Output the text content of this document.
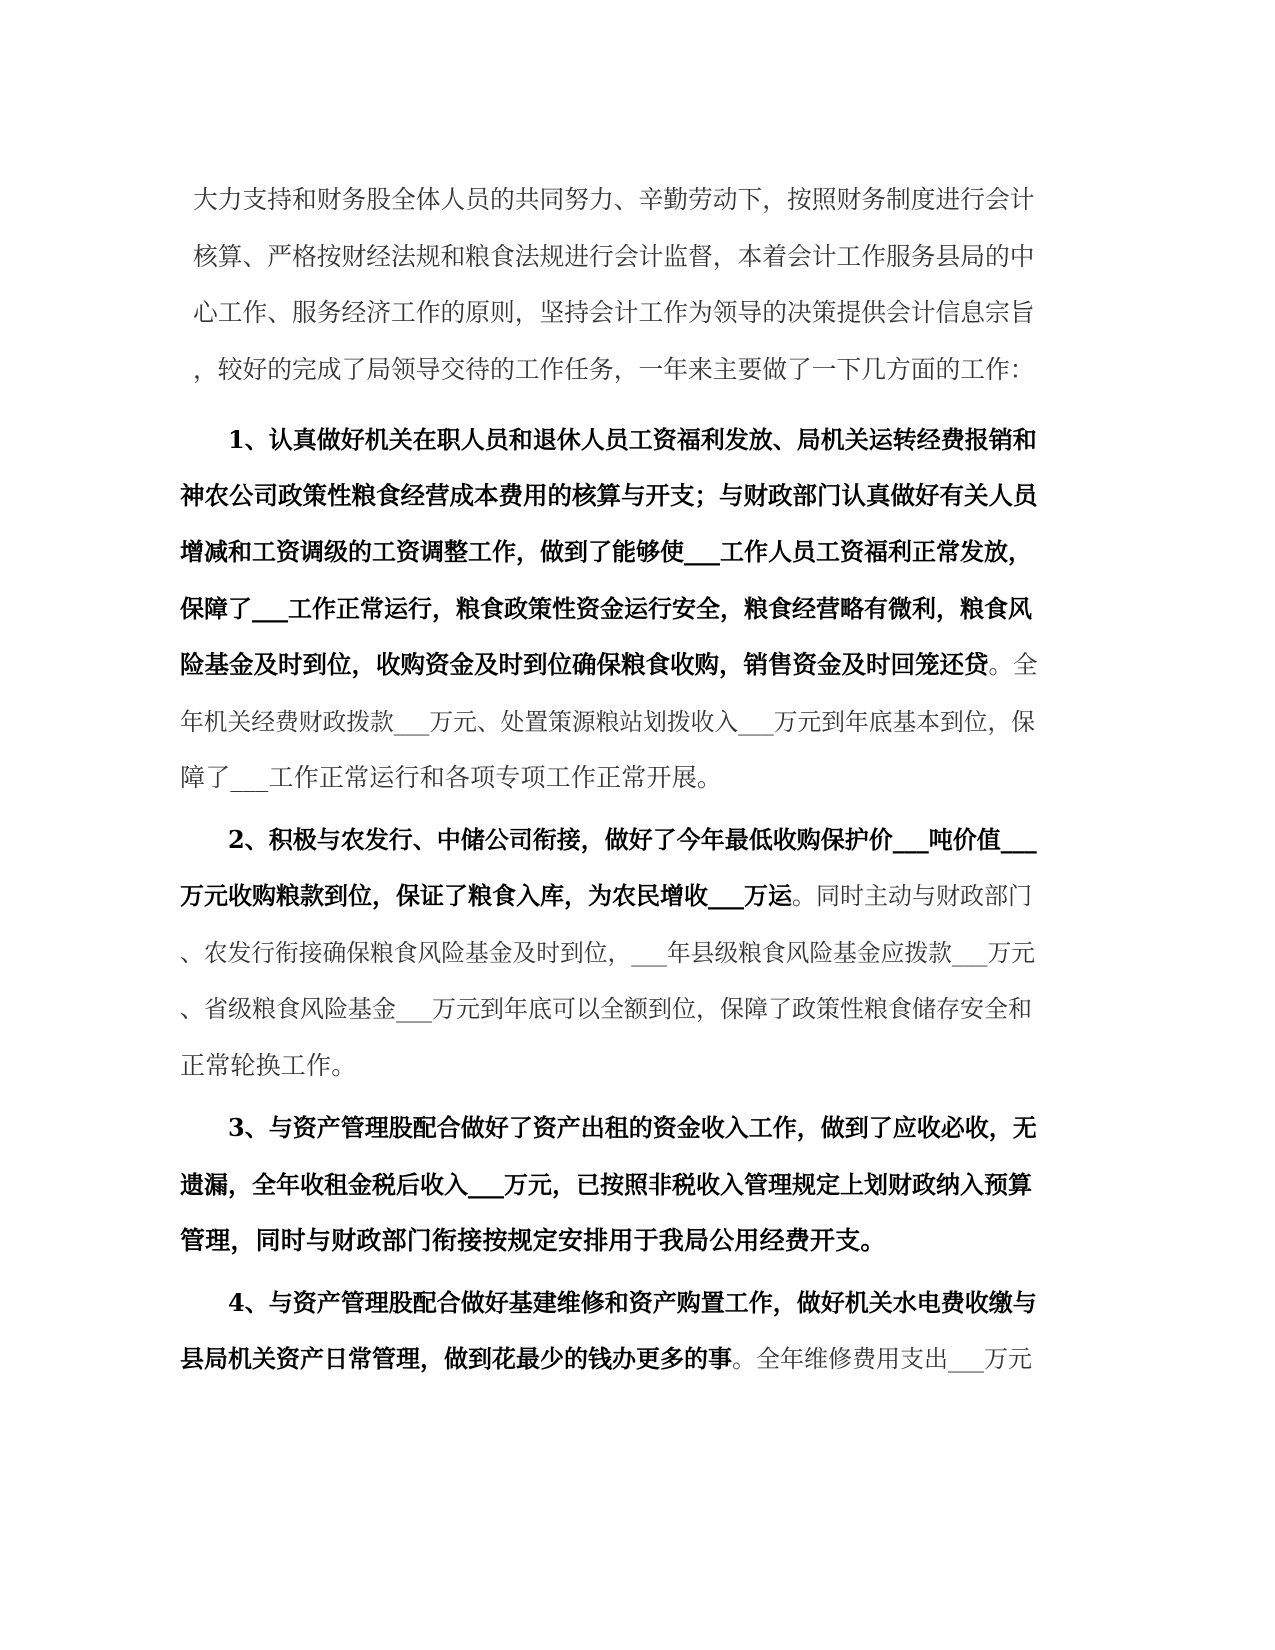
大力支持和财务股全体人员的共同努力、辛勤劳动下，按照财务制度进行会计
核算、严格按财经法规和粮食法规进行会计监督，本着会计工作服务县局的中
心工作、服务经济工作的原则，坚持会计工作为领导的决策提供会计信息宗旨
，较好的完成了局领导交待的工作任务，一年来主要做了一下几方面的工作：
1、认真做好机关在职人员和退休人员工资福利发放、局机关运转经费报销和
神农公司政策性粮食经营成本费用的核算与开支；与财政部门认真做好有关人员
增减和工资调级的工资调整工作，做到了能够使___工作人员工资福利正常发放，
保障了___工作正常运行，粮食政策性资金运行安全，粮食经营略有微利，粮食风
险基金及时到位，收购资金及时到位确保粮食收购，销售资金及时回笼还贷。全
年机关经费财政拨款___万元、处置策源粮站划拨收入___万元到年底基本到位，保
障了___工作正常运行和各项专项工作正常开展。
2、积极与农发行、中储公司衔接，做好了今年最低收购保护价___吨价值___
万元收购粮款到位，保证了粮食入库，为农民增收___万运。同时主动与财政部门
、农发行衔接确保粮食风险基金及时到位，___年县级粮食风险基金应拨款___万元
、省级粮食风险基金___万元到年底可以全额到位，保障了政策性粮食储存安全和
正常轮换工作。
3、与资产管理股配合做好了资产出租的资金收入工作，做到了应收必收，无
遗漏，全年收租金税后收入___万元，已按照非税收入管理规定上划财政纳入预算
管理，同时与财政部门衔接按规定安排用于我局公用经费开支。
4、与资产管理股配合做好基建维修和资产购置工作，做好机关水电费收缴与
县局机关资产日常管理，做到花最少的钱办更多的事。全年维修费用支出___万元
